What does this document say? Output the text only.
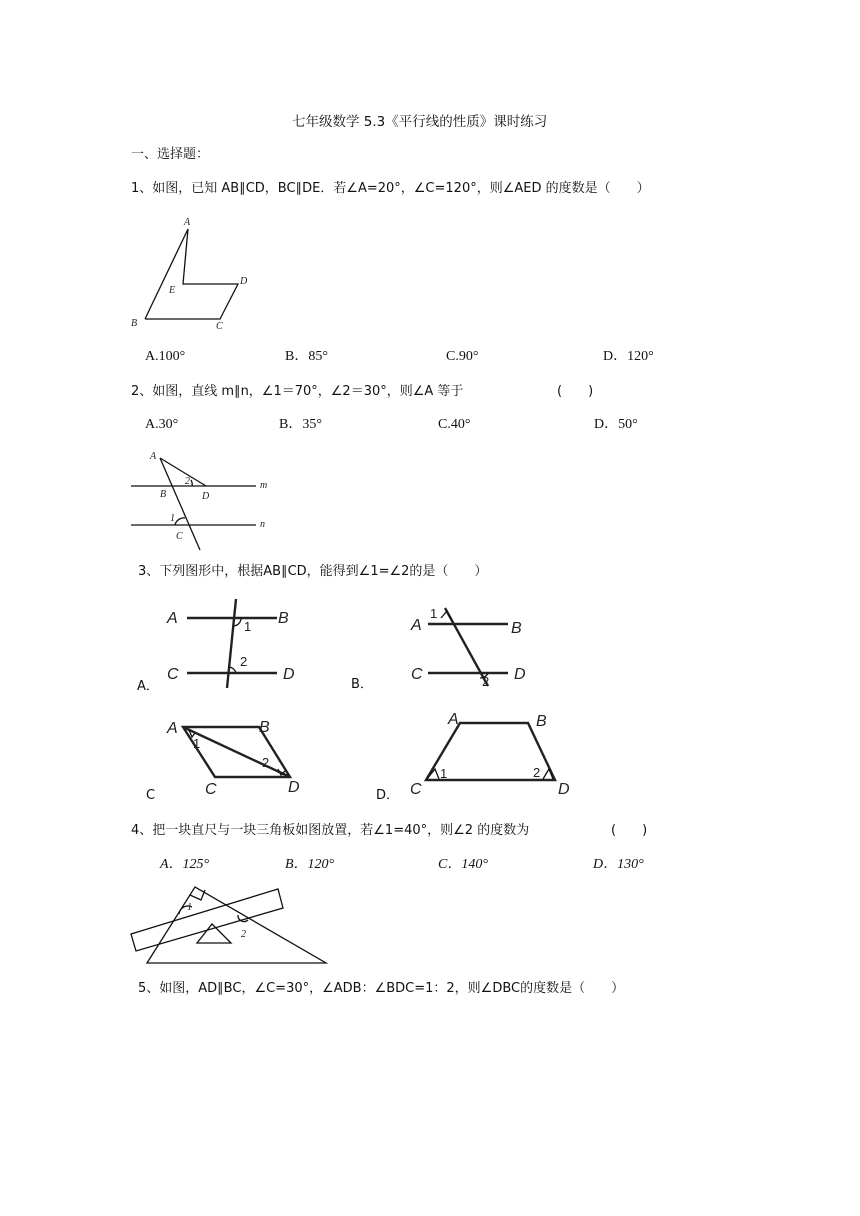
七年级数学 5.3《平行线的性质》课时练习
一、选择题：
1、如图，已知 AB∥CD，BC∥DE．若∠A=20°，∠C=120°，则∠AED 的度数是（　　）
A
E
D
B	C
A.100°	B．85°	C.90°	D．120°
2、如图，直线 m∥n，∠1＝70°，∠2＝30°，则∠A 等于	(　　)
A.30°	B．35°	C.40°	D．50°
A
B	D
C
m
n
1
2
3、下列图形中，根据AB∥CD，能得到∠1=∠2的是（　　）
A	B
C	D
1
2
A．
A	B
C	D
1
2
B．
A	B
C	D
1
2
C
A	B
C	D
1	2
D．
4、把一块直尺与一块三角板如图放置，若∠1=40°，则∠2 的度数为	(　　)
A．125°	B．120°	C．140°	D．130°
1
2
5、如图，AD∥BC，∠C=30°，∠ADB：∠BDC=1：2，则∠DBC的度数是（　　）
